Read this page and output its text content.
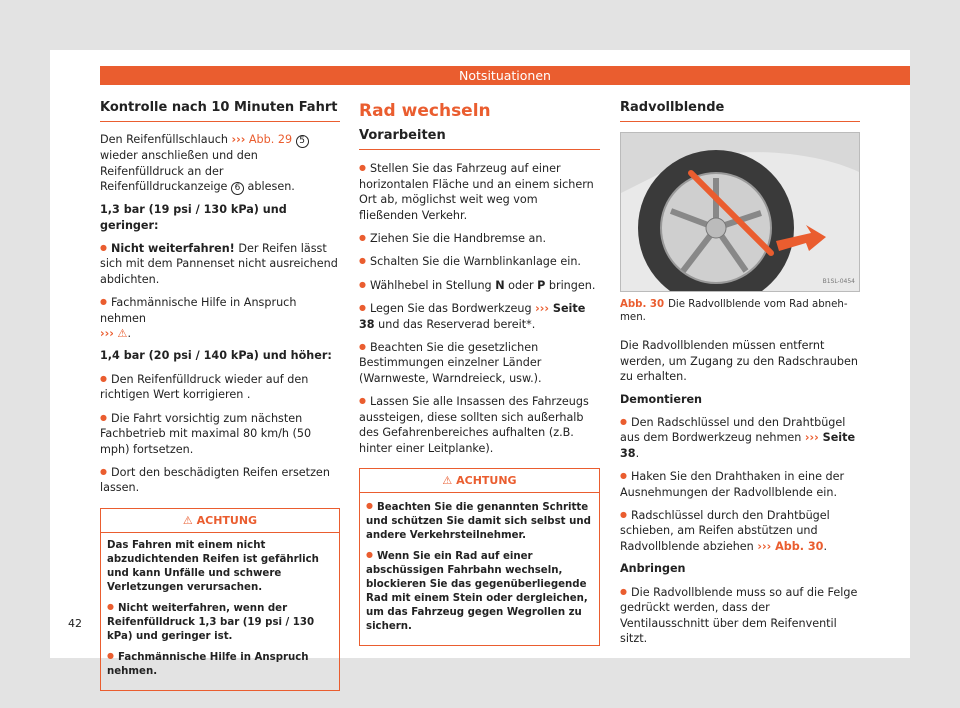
Notsituationen
Kontrolle nach 10 Minuten Fahrt

Den Reifenfüllschlauch ››› Abb. 29 5 wieder anschließen und den Reifenfülldruck an der Reifenfülldruckanzeige 6 ablesen.

1,3 bar (19 psi / 130 kPa) und geringer:

● Nicht weiterfahren! Der Reifen lässt sich mit dem Pannenset nicht ausreichend abdichten.

● Fachmännische Hilfe in Anspruch nehmen
››› ⚠.

1,4 bar (20 psi / 140 kPa) und höher:

● Den Reifenfülldruck wieder auf den richtigen Wert korrigieren .

● Die Fahrt vorsichtig zum nächsten Fachbetrieb mit maximal 80 km/h (50 mph) fortsetzen.

● Dort den beschädigten Reifen ersetzen lassen.

⚠ ACHTUNG

Das Fahren mit einem nicht abzudichtenden Reifen ist gefährlich und kann Unfälle und schwere Verletzungen verursachen.

● Nicht weiterfahren, wenn der Reifenfülldruck 1,3 bar (19 psi / 130 kPa) und geringer ist.

● Fachmännische Hilfe in Anspruch nehmen.

Rad wechseln
Vorarbeiten

● Stellen Sie das Fahrzeug auf einer horizontalen Fläche und an einem sichern Ort ab, möglichst weit weg vom fließenden Verkehr.

● Ziehen Sie die Handbremse an.

● Schalten Sie die Warnblinkanlage ein.

● Wählhebel in Stellung N oder P bringen.

● Legen Sie das Bordwerkzeug ››› Seite 38 und das Reserverad bereit*.

● Beachten Sie die gesetzlichen Bestimmungen einzelner Länder (Warnweste, Warndreieck, usw.).

● Lassen Sie alle Insassen des Fahrzeugs aussteigen, diese sollten sich außerhalb des Gefahrenbereiches aufhalten (z.B. hinter einer Leitplanke).

⚠ ACHTUNG

● Beachten Sie die genannten Schritte und schützen Sie damit sich selbst und andere Verkehrsteilnehmer.

● Wenn Sie ein Rad auf einer abschüssigen Fahrbahn wechseln, blockieren Sie das gegenüberliegende Rad mit einem Stein oder dergleichen, um das Fahrzeug gegen Wegrollen zu sichern.

Radvollblende
B1SL-0454
Abb. 30 Die Radvollblende vom Rad abnehmen.

Die Radvollblenden müssen entfernt werden, um Zugang zu den Radschrauben zu erhalten.

Demontieren

● Den Radschlüssel und den Drahtbügel aus dem Bordwerkzeug nehmen ››› Seite 38.

● Haken Sie den Drahthaken in eine der Ausnehmungen der Radvollblende ein.

● Radschlüssel durch den Drahtbügel schieben, am Reifen abstützen und Radvollblende abziehen ››› Abb. 30.

Anbringen

● Die Radvollblende muss so auf die Felge gedrückt werden, dass der Ventilausschnitt über dem Reifenventil sitzt.

42
